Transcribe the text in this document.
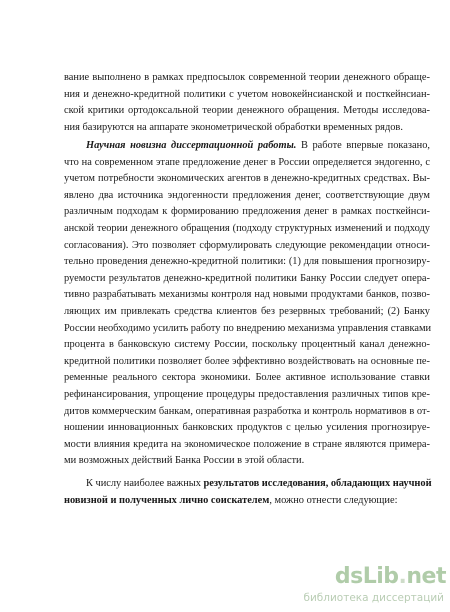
вание выполнено в рамках предпосылок современной теории денежного обраще-
ния и денежно-кредитной политики с учетом новокейнсианской и посткейнсиан-
ской критики ортодоксальной теории денежного обращения. Методы исследова-
ния базируются на аппарате эконометрической обработки временных рядов.
Научная новизна диссертационной работы. В работе впервые показано,
что на современном этапе предложение денег в России определяется эндогенно, с
учетом потребности экономических агентов в денежно-кредитных средствах. Вы-
явлено два источника эндогенности предложения денег, соответствующие двум
различным подходам к формированию предложения денег в рамках посткейнси-
анской теории денежного обращения (подходу структурных изменений и подходу
согласования). Это позволяет сформулировать следующие рекомендации относи-
тельно проведения денежно-кредитной политики: (1) для повышения прогнозиру-
руемости результатов денежно-кредитной политики Банку России следует опера-
тивно разрабатывать механизмы контроля над новыми продуктами банков, позво-
ляющих им привлекать средства клиентов без резервных требований; (2) Банку
России необходимо усилить работу по внедрению механизма управления ставками
процента в банковскую систему России, поскольку процентный канал денежно-
кредитной политики позволяет более эффективно воздействовать на основные пе-
ременные реального сектора экономики. Более активное использование ставки
рефинансирования, упрощение процедуры предоставления различных типов кре-
дитов коммерческим банкам, оперативная разработка и контроль нормативов в от-
ношении инновационных банковских продуктов с целью усиления прогнозируе-
мости влияния кредита на экономическое положение в стране являются примера-
ми возможных действий Банка России в этой области.
К числу наиболее важных результатов исследования, обладающих научной
новизной и полученных лично соискателем, можно отнести следующие:
dsLib.net
библиотека диссертаций
